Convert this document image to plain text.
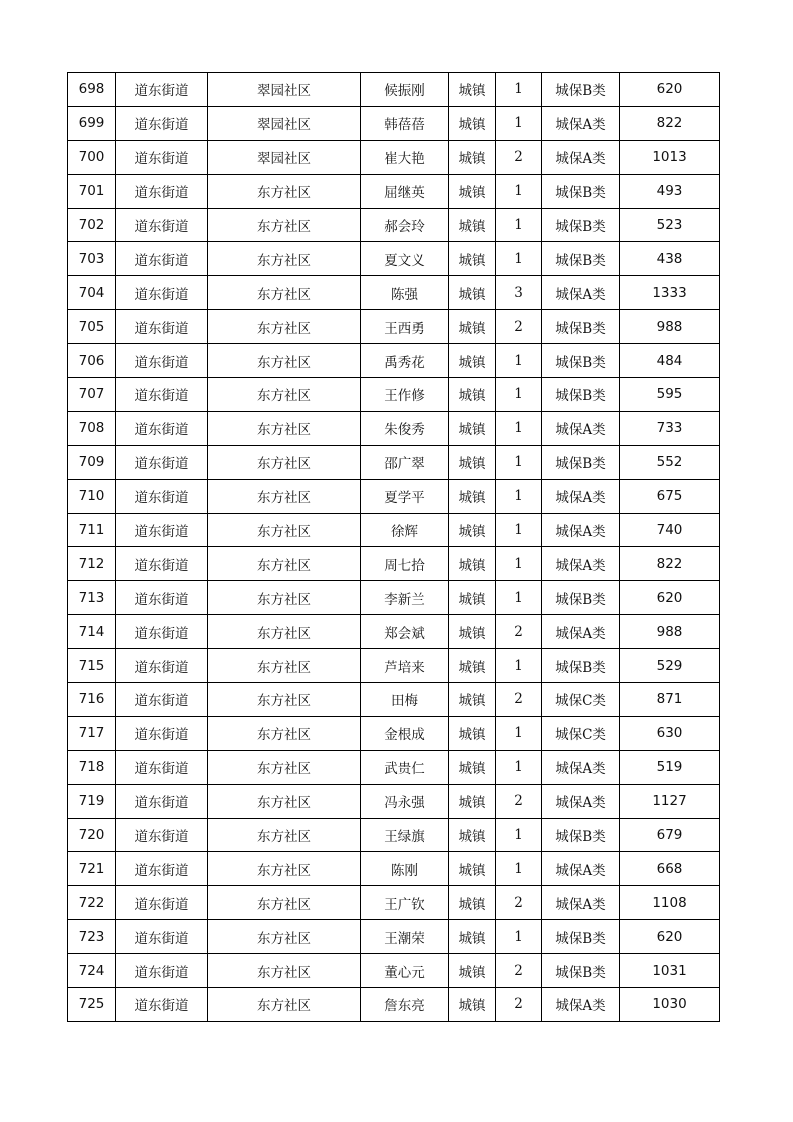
698	道东街道	翠园社区	候振刚	城镇	1	城保B类	620
699	道东街道	翠园社区	韩蓓蓓	城镇	1	城保A类	822
700	道东街道	翠园社区	崔大艳	城镇	2	城保A类	1013
701	道东街道	东方社区	屈继英	城镇	1	城保B类	493
702	道东街道	东方社区	郝会玲	城镇	1	城保B类	523
703	道东街道	东方社区	夏文义	城镇	1	城保B类	438
704	道东街道	东方社区	陈强	城镇	3	城保A类	1333
705	道东街道	东方社区	王西勇	城镇	2	城保B类	988
706	道东街道	东方社区	禹秀花	城镇	1	城保B类	484
707	道东街道	东方社区	王作修	城镇	1	城保B类	595
708	道东街道	东方社区	朱俊秀	城镇	1	城保A类	733
709	道东街道	东方社区	邵广翠	城镇	1	城保B类	552
710	道东街道	东方社区	夏学平	城镇	1	城保A类	675
711	道东街道	东方社区	徐辉	城镇	1	城保A类	740
712	道东街道	东方社区	周七拾	城镇	1	城保A类	822
713	道东街道	东方社区	李新兰	城镇	1	城保B类	620
714	道东街道	东方社区	郑会斌	城镇	2	城保A类	988
715	道东街道	东方社区	芦培来	城镇	1	城保B类	529
716	道东街道	东方社区	田梅	城镇	2	城保C类	871
717	道东街道	东方社区	金根成	城镇	1	城保C类	630
718	道东街道	东方社区	武贵仁	城镇	1	城保A类	519
719	道东街道	东方社区	冯永强	城镇	2	城保A类	1127
720	道东街道	东方社区	王绿旗	城镇	1	城保B类	679
721	道东街道	东方社区	陈刚	城镇	1	城保A类	668
722	道东街道	东方社区	王广钦	城镇	2	城保A类	1108
723	道东街道	东方社区	王潮荣	城镇	1	城保B类	620
724	道东街道	东方社区	董心元	城镇	2	城保B类	1031
725	道东街道	东方社区	詹东亮	城镇	2	城保A类	1030
